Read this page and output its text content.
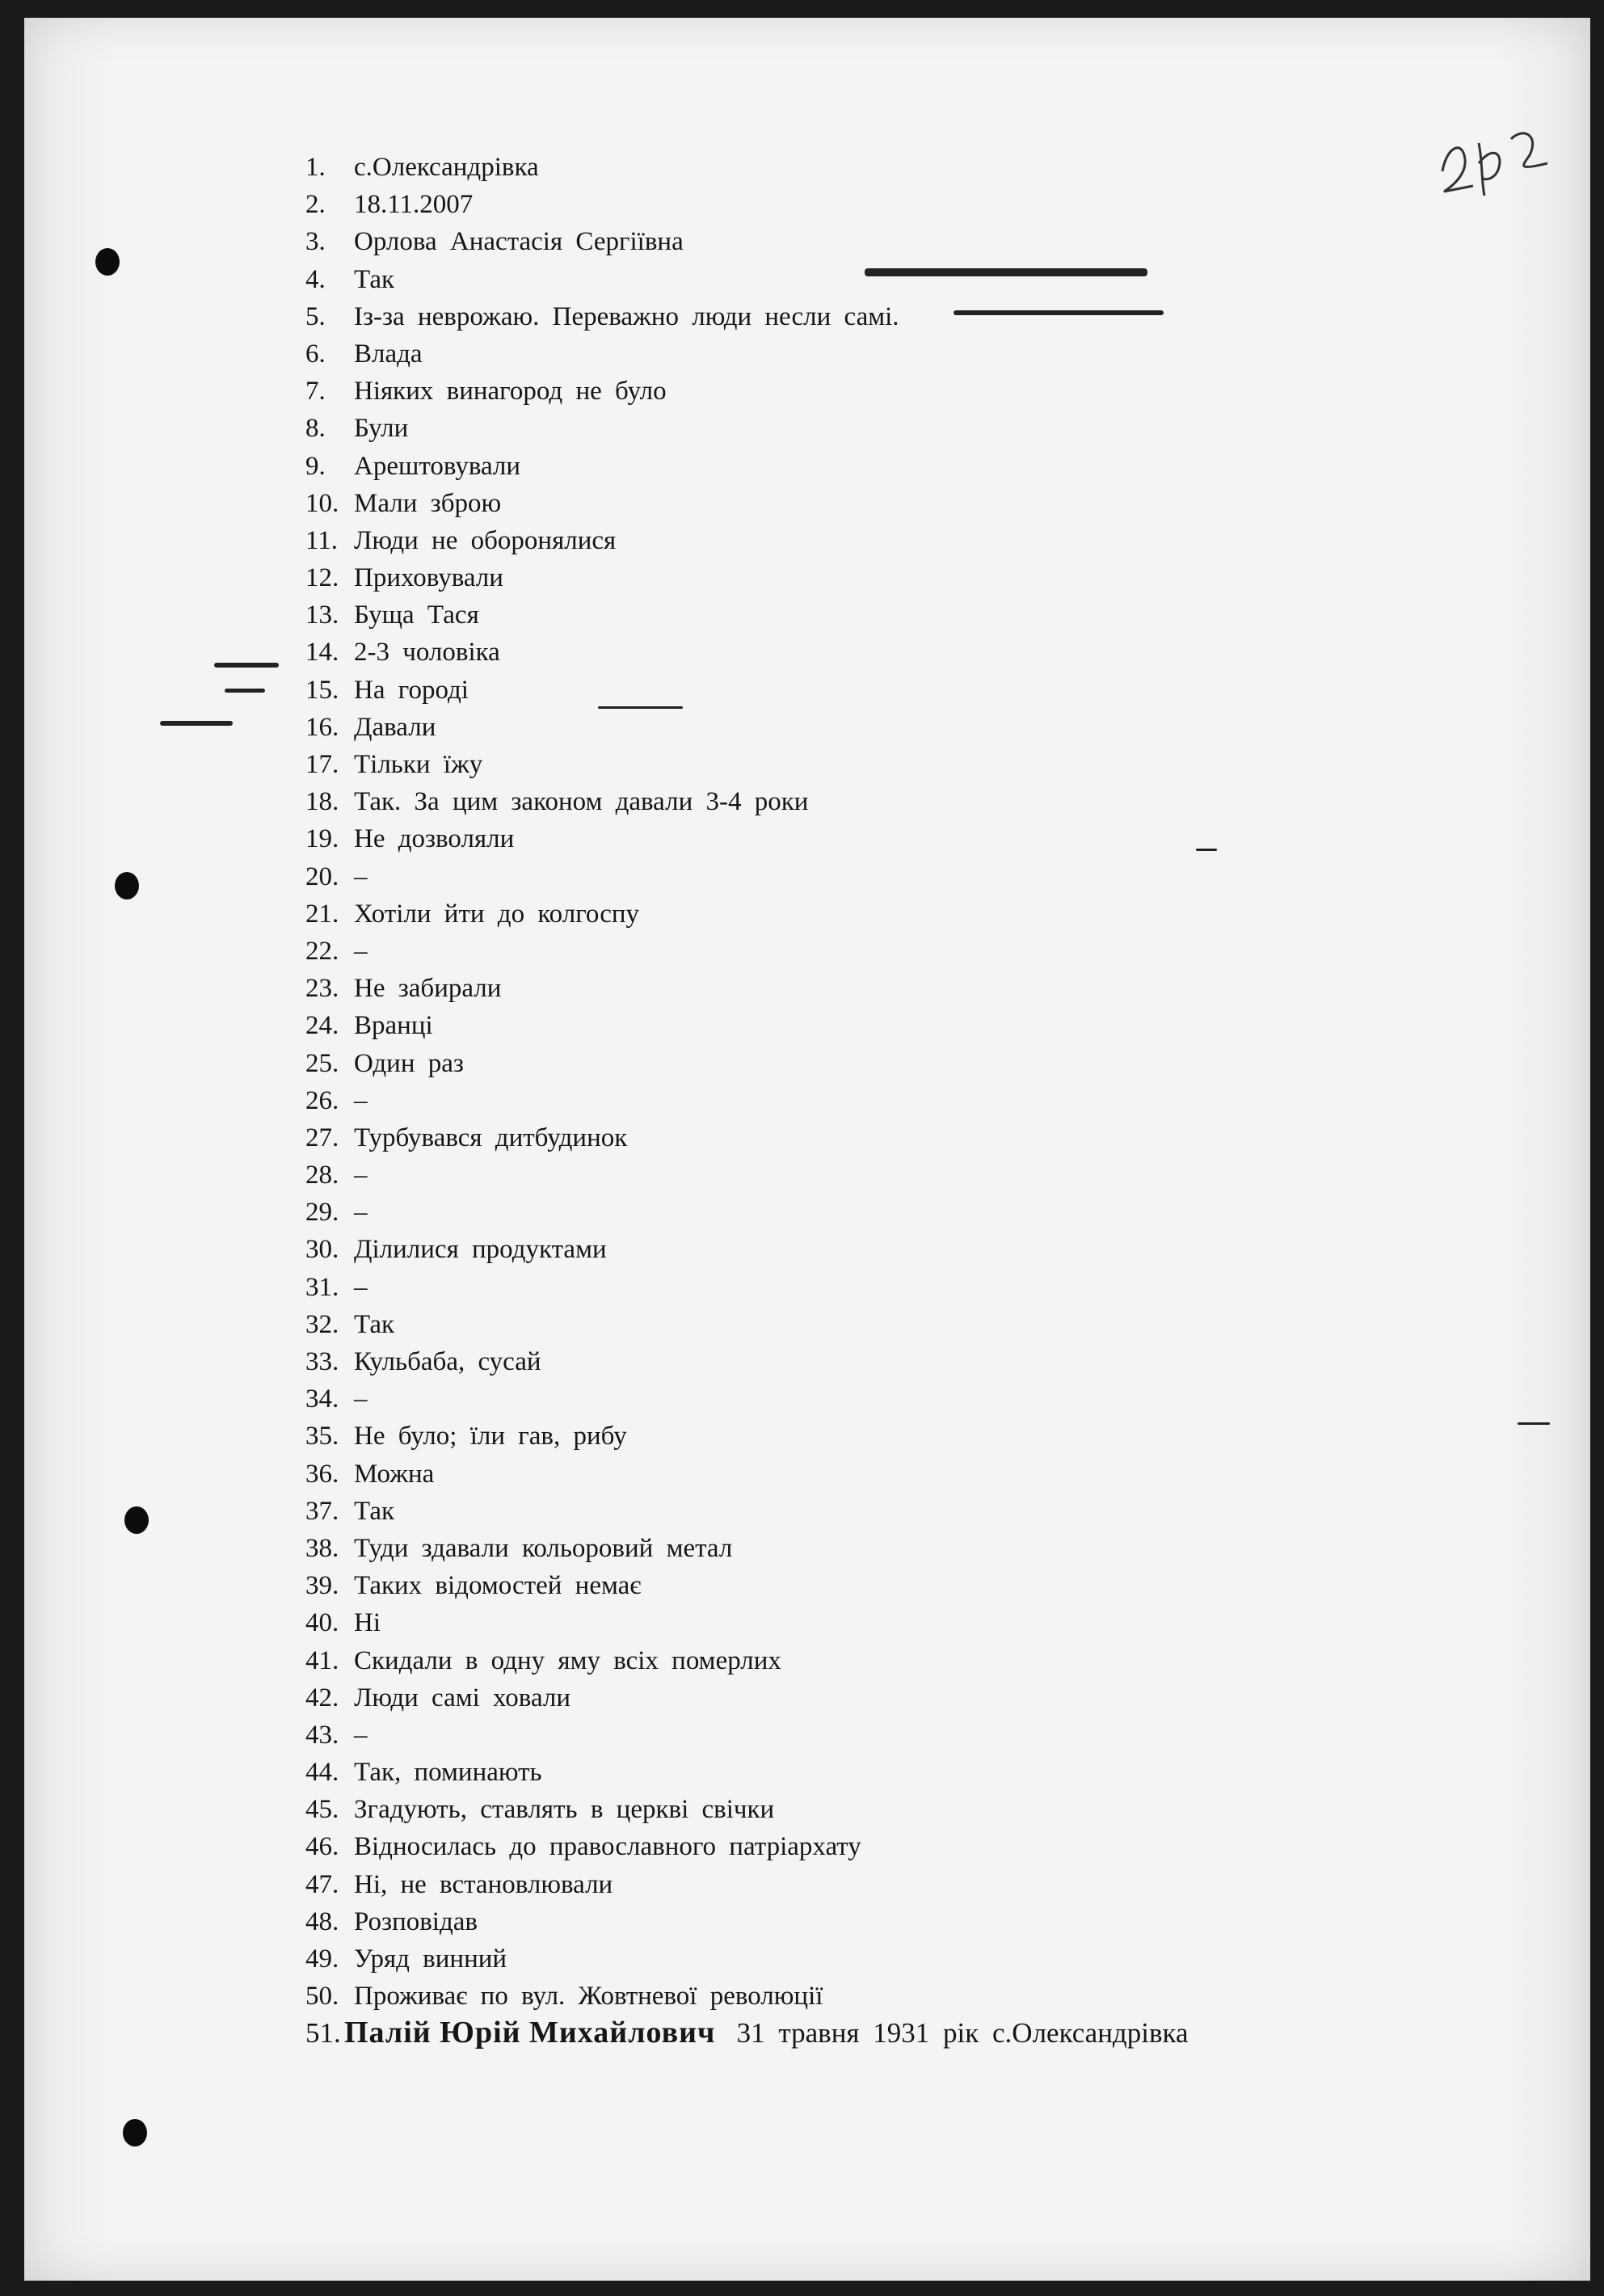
1. с.Олександрівка
2. 18.11.2007
3. Орлова Анастасія Сергіївна
4. Так
5. Із-за неврожаю. Переважно люди несли самі.
6. Влада
7. Ніяких винагород не було
8. Були
9. Арештовували
10. Мали зброю
11. Люди не оборонялися
12. Приховували
13. Буща Тася
14. 2-3 чоловіка
15. На городі
16. Давали
17. Тільки їжу
18. Так. За цим законом давали 3-4 роки
19. Не дозволяли
20. –
21. Хотіли йти до колгоспу
22. –
23. Не забирали
24. Вранці
25. Один раз
26. –
27. Турбувався дитбудинок
28. –
29. –
30. Ділилися продуктами
31. –
32. Так
33. Кульбаба, сусай
34. –
35. Не було; їли гав, рибу
36. Можна
37. Так
38. Туди здавали кольоровий метал
39. Таких відомостей немає
40. Ні
41. Скидали в одну яму всіх померлих
42. Люди самі ховали
43. –
44. Так, поминають
45. Згадують, ставлять в церкві свічки
46. Відносилась до православного патріархату
47. Ні, не встановлювали
48. Розповідав
49. Уряд винний
50. Проживає по вул. Жовтневої революції
51. Палій Юрій Михайлович 31 травня 1931 рік с.Олександрівка
